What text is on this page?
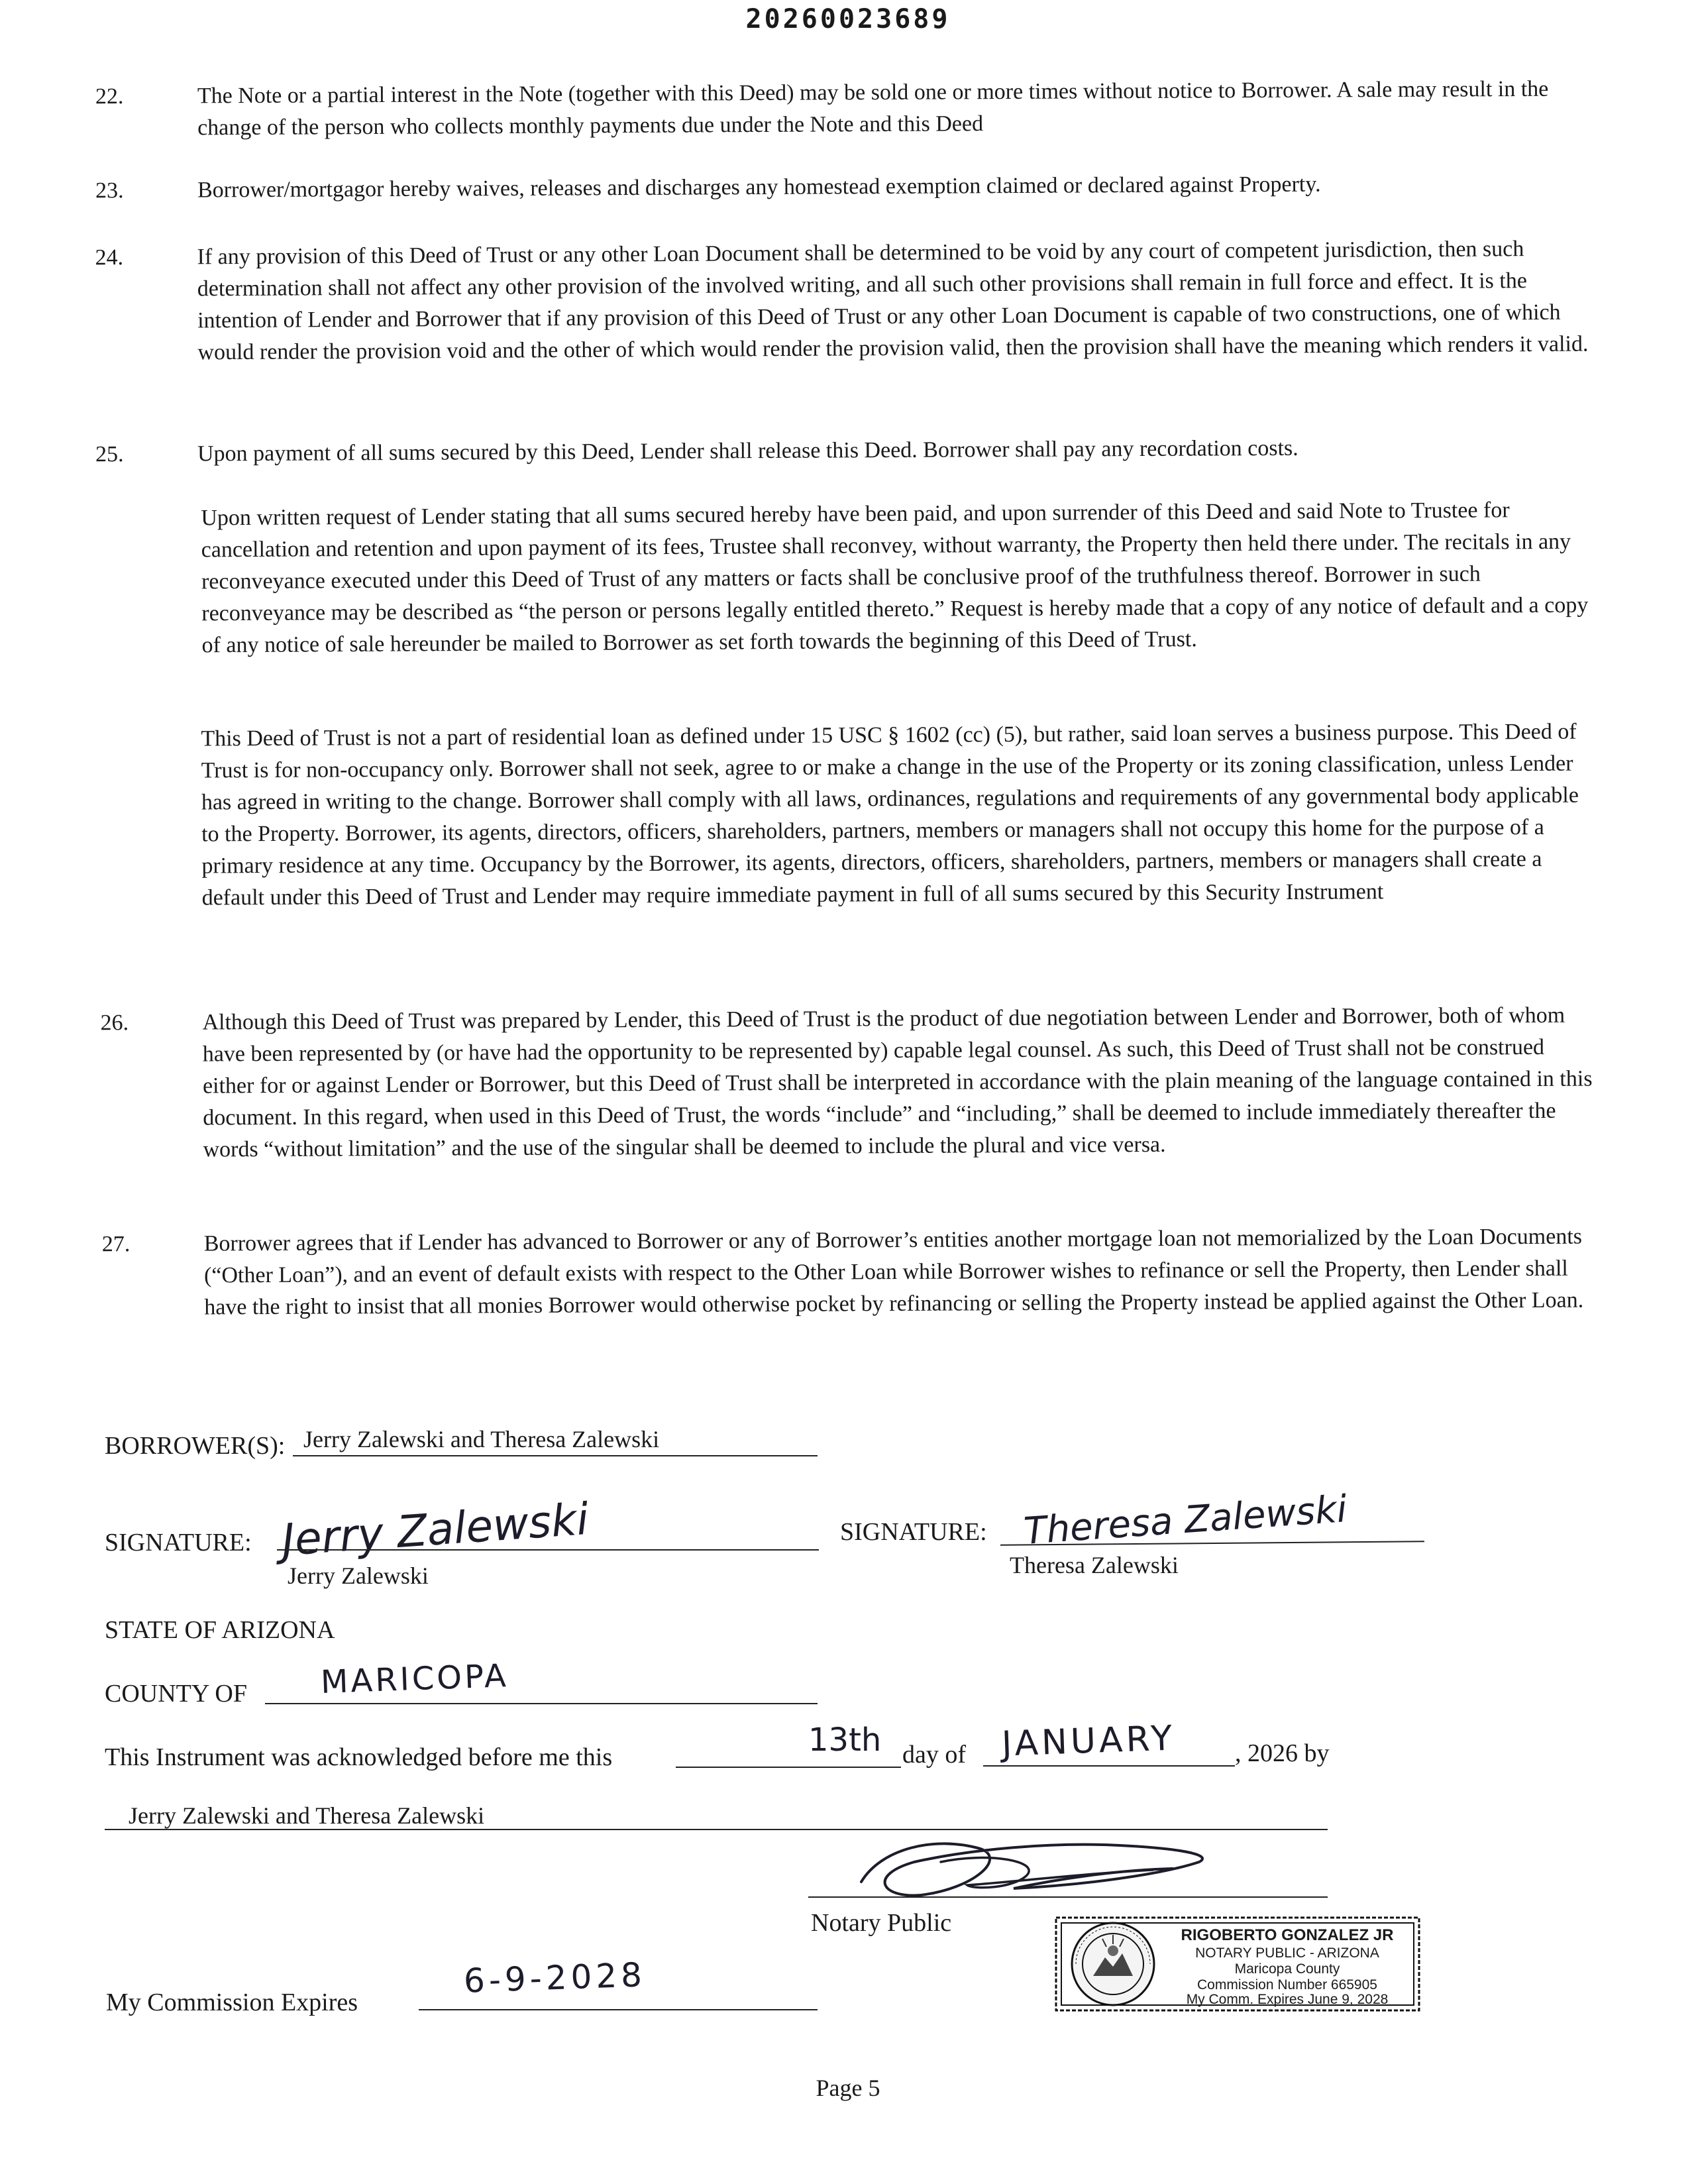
20260023689
22.	The Note or a partial interest in the Note (together with this Deed) may be sold one or more times without notice to Borrower. A sale may result in the change of the person who collects monthly payments due under the Note and this Deed
23.	Borrower/mortgagor hereby waives, releases and discharges any homestead exemption claimed or declared against Property.
24.	If any provision of this Deed of Trust or any other Loan Document shall be determined to be void by any court of competent jurisdiction, then such determination shall not affect any other provision of the involved writing, and all such other provisions shall remain in full force and effect. It is the intention of Lender and Borrower that if any provision of this Deed of Trust or any other Loan Document is capable of two constructions, one of which would render the provision void and the other of which would render the provision valid, then the provision shall have the meaning which renders it valid.
25.	Upon payment of all sums secured by this Deed, Lender shall release this Deed. Borrower shall pay any recordation costs.
Upon written request of Lender stating that all sums secured hereby have been paid, and upon surrender of this Deed and said Note to Trustee for cancellation and retention and upon payment of its fees, Trustee shall reconvey, without warranty, the Property then held there under. The recitals in any reconveyance executed under this Deed of Trust of any matters or facts shall be conclusive proof of the truthfulness thereof. Borrower in such reconveyance may be described as “the person or persons legally entitled thereto.” Request is hereby made that a copy of any notice of default and a copy of any notice of sale hereunder be mailed to Borrower as set forth towards the beginning of this Deed of Trust.
This Deed of Trust is not a part of residential loan as defined under 15 USC § 1602 (cc) (5), but rather, said loan serves a business purpose. This Deed of Trust is for non-occupancy only. Borrower shall not seek, agree to or make a change in the use of the Property or its zoning classification, unless Lender has agreed in writing to the change. Borrower shall comply with all laws, ordinances, regulations and requirements of any governmental body applicable to the Property. Borrower, its agents, directors, officers, shareholders, partners, members or managers shall not occupy this home for the purpose of a primary residence at any time. Occupancy by the Borrower, its agents, directors, officers, shareholders, partners, members or managers shall create a default under this Deed of Trust and Lender may require immediate payment in full of all sums secured by this Security Instrument
26.	Although this Deed of Trust was prepared by Lender, this Deed of Trust is the product of due negotiation between Lender and Borrower, both of whom have been represented by (or have had the opportunity to be represented by) capable legal counsel. As such, this Deed of Trust shall not be construed either for or against Lender or Borrower, but this Deed of Trust shall be interpreted in accordance with the plain meaning of the language contained in this document. In this regard, when used in this Deed of Trust, the words “include” and “including,” shall be deemed to include immediately thereafter the words “without limitation” and the use of the singular shall be deemed to include the plural and vice versa.
27.	Borrower agrees that if Lender has advanced to Borrower or any of Borrower’s entities another mortgage loan not memorialized by the Loan Documents (“Other Loan”), and an event of default exists with respect to the Other Loan while Borrower wishes to refinance or sell the Property, then Lender shall have the right to insist that all monies Borrower would otherwise pocket by refinancing or selling the Property instead be applied against the Other Loan.
BORROWER(S): Jerry Zalewski and Theresa Zalewski
SIGNATURE: Jerry Zalewski
Jerry Zalewski
SIGNATURE: Theresa Zalewski
Theresa Zalewski
STATE OF ARIZONA
COUNTY OF MARICOPA
This Instrument was acknowledged before me this	13th day of JANUARY , 2026 by
Jerry Zalewski and Theresa Zalewski
Notary Public
My Commission Expires
6-9-2028
RIGOBERTO GONZALEZ JR
NOTARY PUBLIC - ARIZONA
Maricopa County
Commission Number 665905
My Comm. Expires June 9, 2028
Page 5
